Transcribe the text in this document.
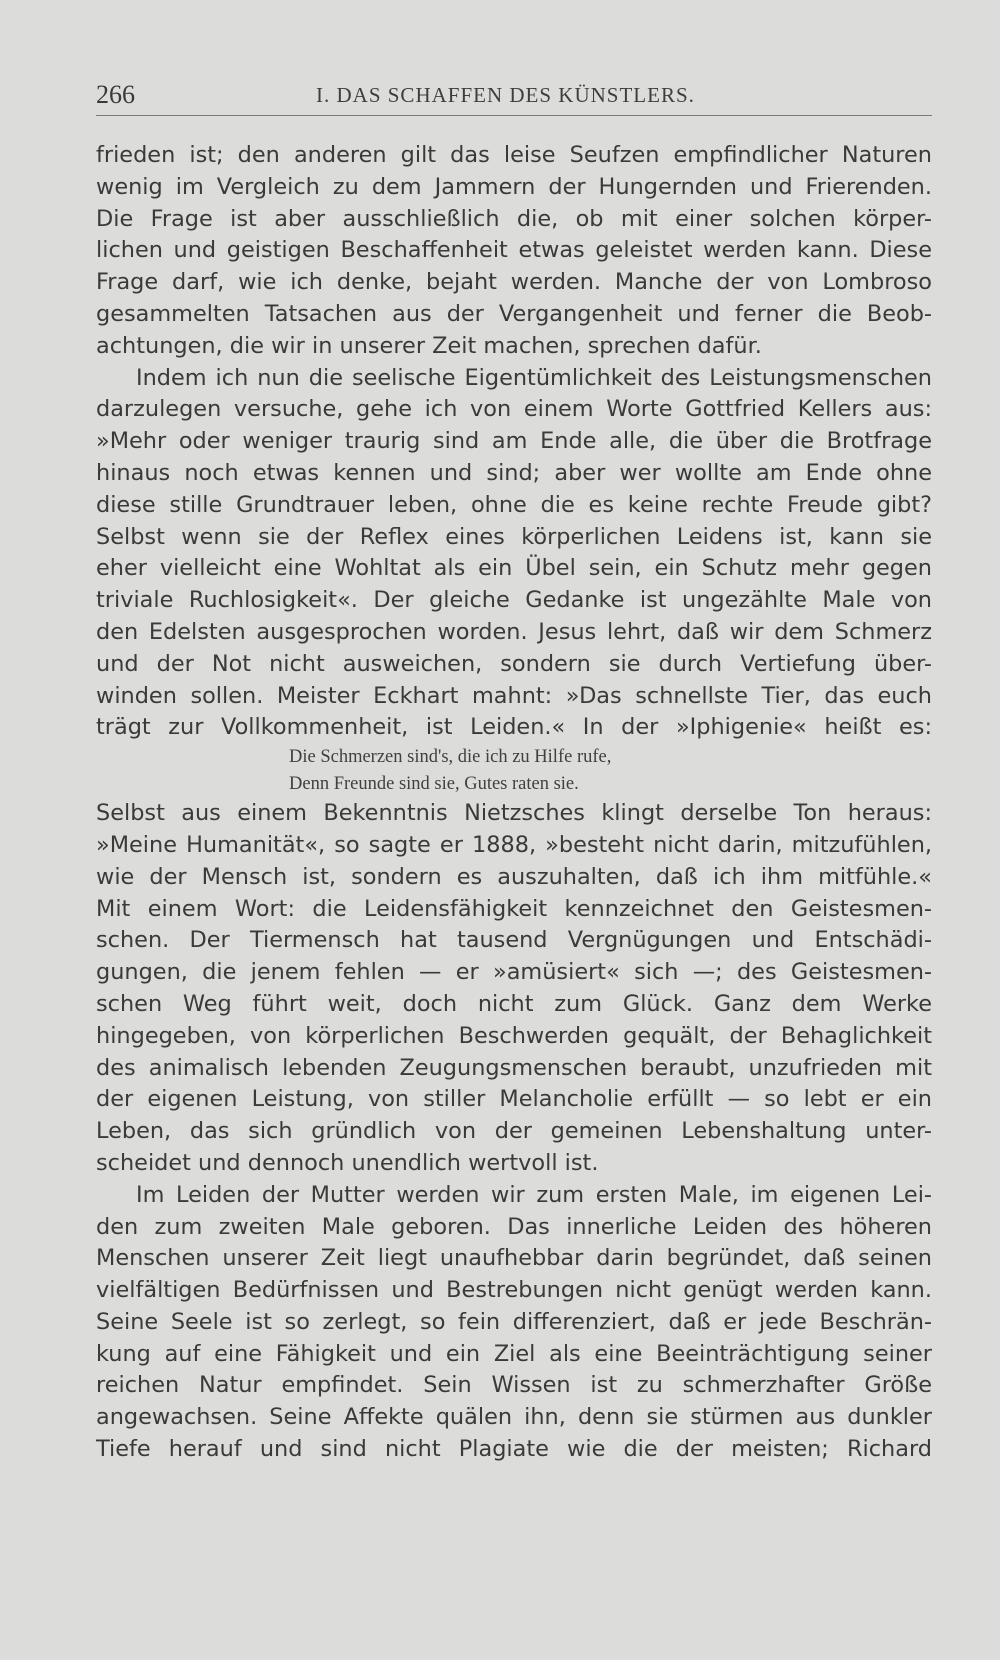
266	I. DAS SCHAFFEN DES KÜNSTLERS.
frieden ist; den anderen gilt das leise Seufzen empfindlicher Naturen
wenig im Vergleich zu dem Jammern der Hungernden und Frierenden.
Die Frage ist aber ausschließlich die, ob mit einer solchen körper-
lichen und geistigen Beschaffenheit etwas geleistet werden kann. Diese
Frage darf, wie ich denke, bejaht werden. Manche der von Lombroso
gesammelten Tatsachen aus der Vergangenheit und ferner die Beob-
achtungen, die wir in unserer Zeit machen, sprechen dafür.
Indem ich nun die seelische Eigentümlichkeit des Leistungsmenschen
darzulegen versuche, gehe ich von einem Worte Gottfried Kellers aus:
»Mehr oder weniger traurig sind am Ende alle, die über die Brotfrage
hinaus noch etwas kennen und sind; aber wer wollte am Ende ohne
diese stille Grundtrauer leben, ohne die es keine rechte Freude gibt?
Selbst wenn sie der Reflex eines körperlichen Leidens ist, kann sie
eher vielleicht eine Wohltat als ein Übel sein, ein Schutz mehr gegen
triviale Ruchlosigkeit«. Der gleiche Gedanke ist ungezählte Male von
den Edelsten ausgesprochen worden. Jesus lehrt, daß wir dem Schmerz
und der Not nicht ausweichen, sondern sie durch Vertiefung über-
winden sollen. Meister Eckhart mahnt: »Das schnellste Tier, das euch
trägt zur Vollkommenheit, ist Leiden.« In der »Iphigenie« heißt es:
Die Schmerzen sind's, die ich zu Hilfe rufe,
Denn Freunde sind sie, Gutes raten sie.
Selbst aus einem Bekenntnis Nietzsches klingt derselbe Ton heraus:
»Meine Humanität«, so sagte er 1888, »besteht nicht darin, mitzufühlen,
wie der Mensch ist, sondern es auszuhalten, daß ich ihm mitfühle.«
Mit einem Wort: die Leidensfähigkeit kennzeichnet den Geistesmen-
schen. Der Tiermensch hat tausend Vergnügungen und Entschädi-
gungen, die jenem fehlen — er »amüsiert« sich —; des Geistesmen-
schen Weg führt weit, doch nicht zum Glück. Ganz dem Werke
hingegeben, von körperlichen Beschwerden gequält, der Behaglichkeit
des animalisch lebenden Zeugungsmenschen beraubt, unzufrieden mit
der eigenen Leistung, von stiller Melancholie erfüllt — so lebt er ein
Leben, das sich gründlich von der gemeinen Lebenshaltung unter-
scheidet und dennoch unendlich wertvoll ist.
Im Leiden der Mutter werden wir zum ersten Male, im eigenen Lei-
den zum zweiten Male geboren. Das innerliche Leiden des höheren
Menschen unserer Zeit liegt unaufhebbar darin begründet, daß seinen
vielfältigen Bedürfnissen und Bestrebungen nicht genügt werden kann.
Seine Seele ist so zerlegt, so fein differenziert, daß er jede Beschrän-
kung auf eine Fähigkeit und ein Ziel als eine Beeinträchtigung seiner
reichen Natur empfindet. Sein Wissen ist zu schmerzhafter Größe
angewachsen. Seine Affekte quälen ihn, denn sie stürmen aus dunkler
Tiefe herauf und sind nicht Plagiate wie die der meisten; Richard
